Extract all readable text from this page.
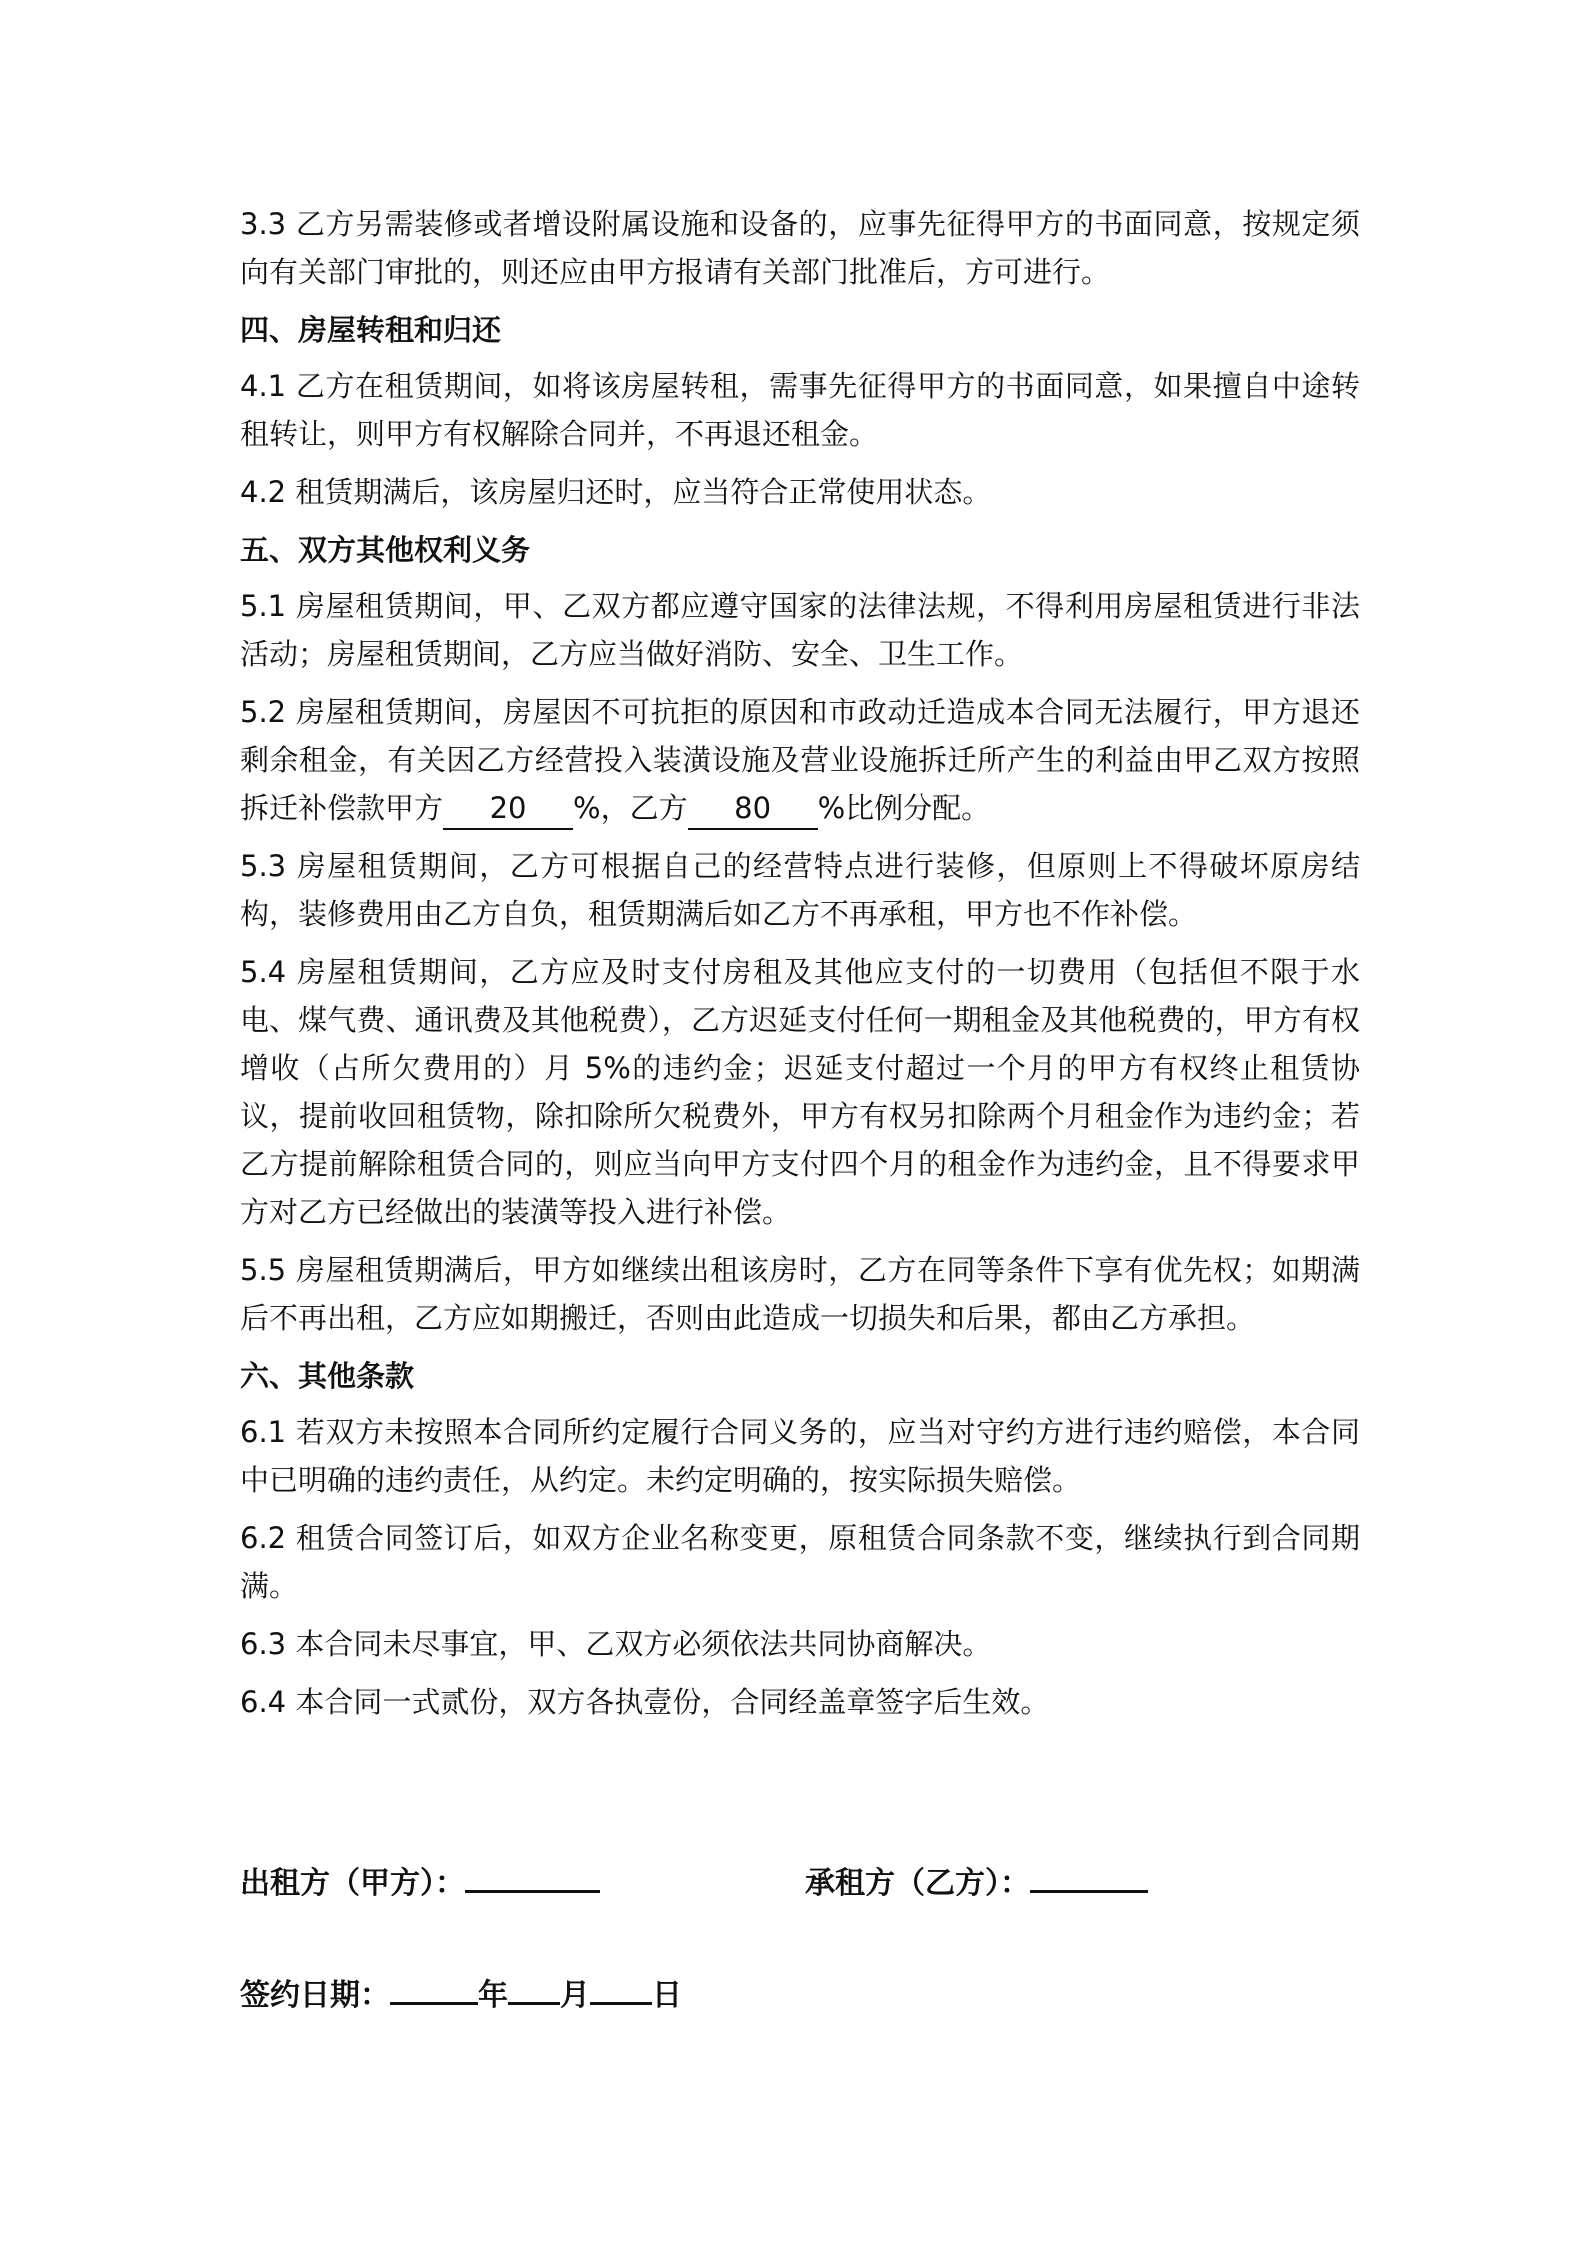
3.3 乙方另需装修或者增设附属设施和设备的，应事先征得甲方的书面同意，按规定须向有关部门审批的，则还应由甲方报请有关部门批准后，方可进行。

四、房屋转租和归还

4.1 乙方在租赁期间，如将该房屋转租，需事先征得甲方的书面同意，如果擅自中途转租转让，则甲方有权解除合同并，不再退还租金。

4.2 租赁期满后，该房屋归还时，应当符合正常使用状态。

五、双方其他权利义务

5.1 房屋租赁期间，甲、乙双方都应遵守国家的法律法规，不得利用房屋租赁进行非法活动；房屋租赁期间，乙方应当做好消防、安全、卫生工作。

5.2 房屋租赁期间，房屋因不可抗拒的原因和市政动迁造成本合同无法履行，甲方退还剩余租金，有关因乙方经营投入装潢设施及营业设施拆迁所产生的利益由甲乙双方按照拆迁补偿款甲方 20 %，乙方 80 %比例分配。

5.3 房屋租赁期间，乙方可根据自己的经营特点进行装修，但原则上不得破坏原房结构，装修费用由乙方自负，租赁期满后如乙方不再承租，甲方也不作补偿。

5.4 房屋租赁期间，乙方应及时支付房租及其他应支付的一切费用（包括但不限于水电、煤气费、通讯费及其他税费），乙方迟延支付任何一期租金及其他税费的，甲方有权增收（占所欠费用的）月 5%的违约金；迟延支付超过一个月的甲方有权终止租赁协议，提前收回租赁物，除扣除所欠税费外，甲方有权另扣除两个月租金作为违约金；若乙方提前解除租赁合同的，则应当向甲方支付四个月的租金作为违约金，且不得要求甲方对乙方已经做出的装潢等投入进行补偿。

5.5 房屋租赁期满后，甲方如继续出租该房时，乙方在同等条件下享有优先权；如期满后不再出租，乙方应如期搬迁，否则由此造成一切损失和后果，都由乙方承担。

六、其他条款

6.1 若双方未按照本合同所约定履行合同义务的，应当对守约方进行违约赔偿，本合同中已明确的违约责任，从约定。未约定明确的，按实际损失赔偿。

6.2 租赁合同签订后，如双方企业名称变更，原租赁合同条款不变，继续执行到合同期满。

6.3 本合同未尽事宜，甲、乙双方必须依法共同协商解决。

6.4 本合同一式贰份，双方各执壹份，合同经盖章签字后生效。

出租方（甲方）：	承租方（乙方）：
签约日期：	年 月 日
